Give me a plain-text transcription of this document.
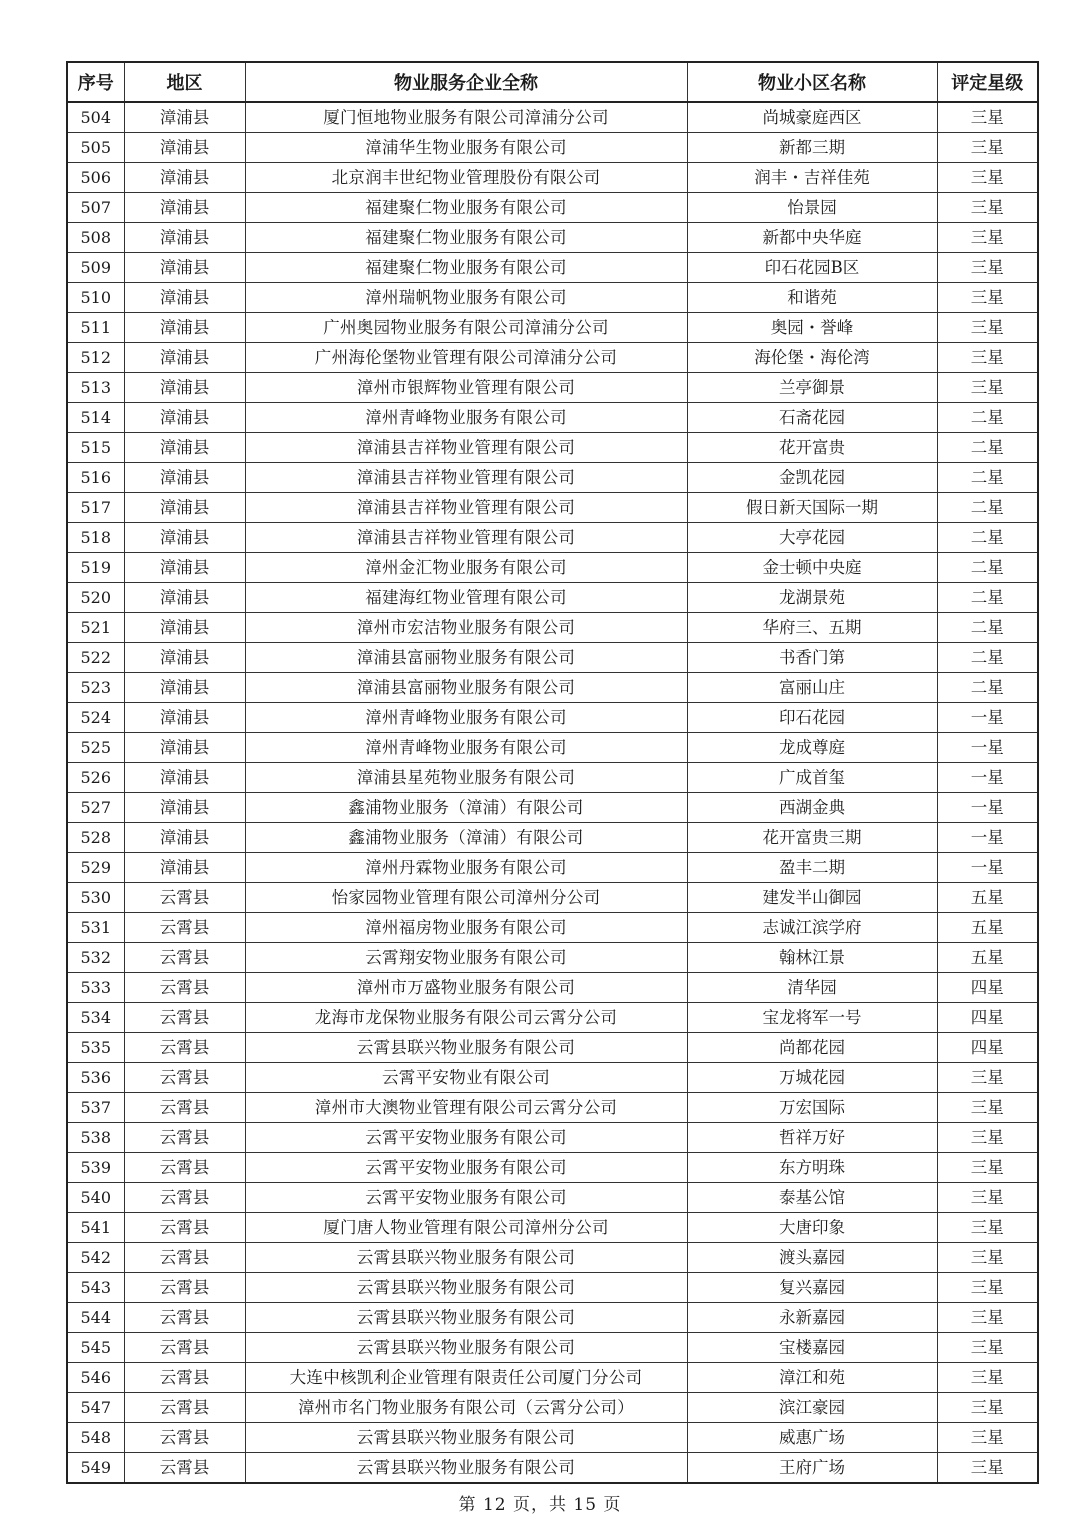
序号	地区	物业服务企业全称	物业小区名称	评定星级
504	漳浦县	厦门恒地物业服务有限公司漳浦分公司	尚城豪庭西区	三星
505	漳浦县	漳浦华生物业服务有限公司	新都三期	三星
506	漳浦县	北京润丰世纪物业管理股份有限公司	润丰・吉祥佳苑	三星
507	漳浦县	福建聚仁物业服务有限公司	怡景园	三星
508	漳浦县	福建聚仁物业服务有限公司	新都中央华庭	三星
509	漳浦县	福建聚仁物业服务有限公司	印石花园B区	三星
510	漳浦县	漳州瑞帆物业服务有限公司	和谐苑	三星
511	漳浦县	广州奥园物业服务有限公司漳浦分公司	奥园・誉峰	三星
512	漳浦县	广州海伦堡物业管理有限公司漳浦分公司	海伦堡・海伦湾	三星
513	漳浦县	漳州市银辉物业管理有限公司	兰亭御景	三星
514	漳浦县	漳州青峰物业服务有限公司	石斋花园	二星
515	漳浦县	漳浦县吉祥物业管理有限公司	花开富贵	二星
516	漳浦县	漳浦县吉祥物业管理有限公司	金凯花园	二星
517	漳浦县	漳浦县吉祥物业管理有限公司	假日新天国际一期	二星
518	漳浦县	漳浦县吉祥物业管理有限公司	大亭花园	二星
519	漳浦县	漳州金汇物业服务有限公司	金士顿中央庭	二星
520	漳浦县	福建海红物业管理有限公司	龙湖景苑	二星
521	漳浦县	漳州市宏洁物业服务有限公司	华府三、五期	二星
522	漳浦县	漳浦县富丽物业服务有限公司	书香门第	二星
523	漳浦县	漳浦县富丽物业服务有限公司	富丽山庄	二星
524	漳浦县	漳州青峰物业服务有限公司	印石花园	一星
525	漳浦县	漳州青峰物业服务有限公司	龙成尊庭	一星
526	漳浦县	漳浦县星苑物业服务有限公司	广成首玺	一星
527	漳浦县	鑫浦物业服务（漳浦）有限公司	西湖金典	一星
528	漳浦县	鑫浦物业服务（漳浦）有限公司	花开富贵三期	一星
529	漳浦县	漳州丹霖物业服务有限公司	盈丰二期	一星
530	云霄县	怡家园物业管理有限公司漳州分公司	建发半山御园	五星
531	云霄县	漳州福房物业服务有限公司	志诚江滨学府	五星
532	云霄县	云霄翔安物业服务有限公司	翰林江景	五星
533	云霄县	漳州市万盛物业服务有限公司	清华园	四星
534	云霄县	龙海市龙保物业服务有限公司云霄分公司	宝龙将军一号	四星
535	云霄县	云霄县联兴物业服务有限公司	尚都花园	四星
536	云霄县	云霄平安物业有限公司	万城花园	三星
537	云霄县	漳州市大澳物业管理有限公司云霄分公司	万宏国际	三星
538	云霄县	云霄平安物业服务有限公司	哲祥万好	三星
539	云霄县	云霄平安物业服务有限公司	东方明珠	三星
540	云霄县	云霄平安物业服务有限公司	泰基公馆	三星
541	云霄县	厦门唐人物业管理有限公司漳州分公司	大唐印象	三星
542	云霄县	云霄县联兴物业服务有限公司	渡头嘉园	三星
543	云霄县	云霄县联兴物业服务有限公司	复兴嘉园	三星
544	云霄县	云霄县联兴物业服务有限公司	永新嘉园	三星
545	云霄县	云霄县联兴物业服务有限公司	宝楼嘉园	三星
546	云霄县	大连中核凯利企业管理有限责任公司厦门分公司	漳江和苑	三星
547	云霄县	漳州市名门物业服务有限公司（云霄分公司）	滨江豪园	三星
548	云霄县	云霄县联兴物业服务有限公司	威惠广场	三星
549	云霄县	云霄县联兴物业服务有限公司	王府广场	三星
第 12 页，共 15 页
